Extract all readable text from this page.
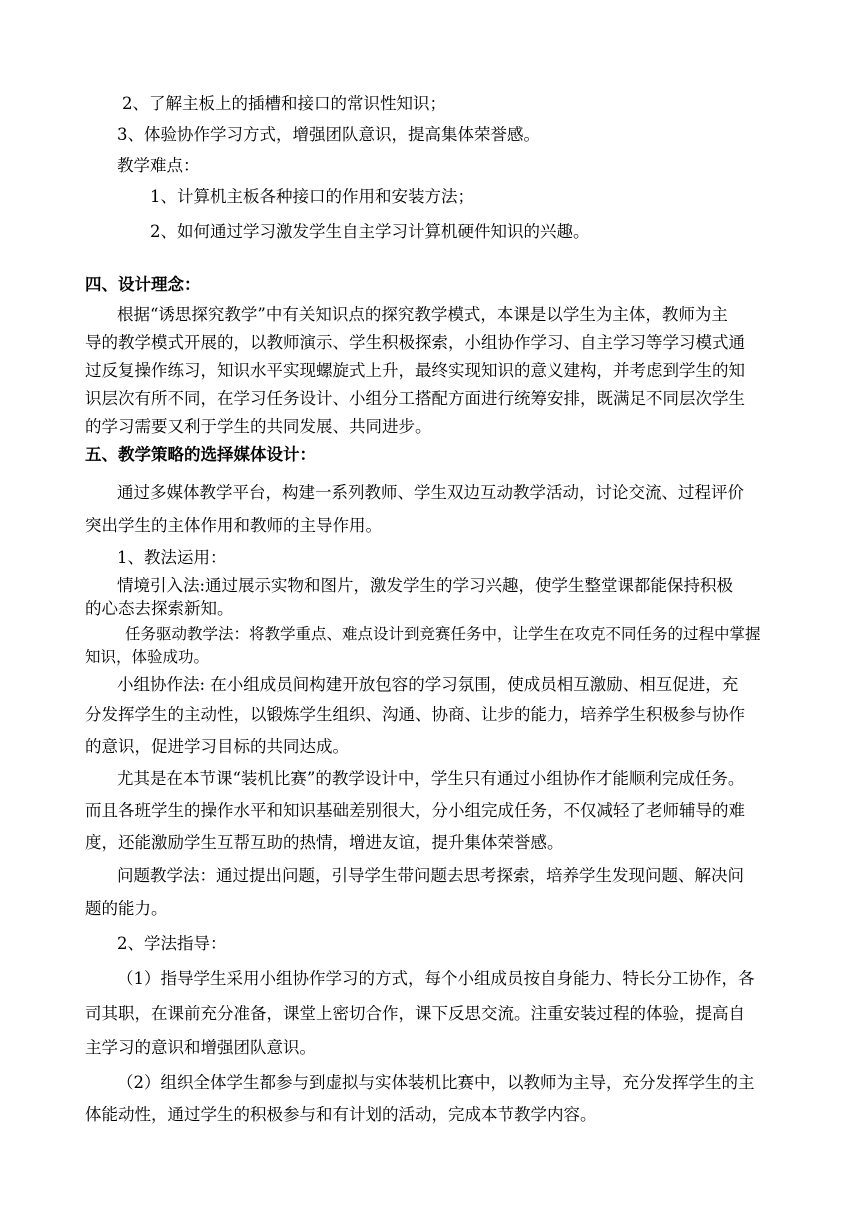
2、了解主板上的插槽和接口的常识性知识；
3、体验协作学习方式，增强团队意识，提高集体荣誉感。
教学难点：
1、计算机主板各种接口的作用和安装方法；
2、如何通过学习激发学生自主学习计算机硬件知识的兴趣。
四、设计理念：
根据“诱思探究教学”中有关知识点的探究教学模式，本课是以学生为主体，教师为主
导的教学模式开展的，以教师演示、学生积极探索，小组协作学习、自主学习等学习模式通
过反复操作练习，知识水平实现螺旋式上升，最终实现知识的意义建构，并考虑到学生的知
识层次有所不同，在学习任务设计、小组分工搭配方面进行统筹安排，既满足不同层次学生
的学习需要又利于学生的共同发展、共同进步。
五、教学策略的选择媒体设计：
通过多媒体教学平台，构建一系列教师、学生双边互动教学活动，讨论交流、过程评价
突出学生的主体作用和教师的主导作用。
1、教法运用：
情境引入法:通过展示实物和图片，激发学生的学习兴趣，使学生整堂课都能保持积极
的心态去探索新知。
任务驱动教学法：将教学重点、难点设计到竞赛任务中，让学生在攻克不同任务的过程中掌握
知识，体验成功。
小组协作法: 在小组成员间构建开放包容的学习氛围，使成员相互激励、相互促进，充
分发挥学生的主动性，以锻炼学生组织、沟通、协商、让步的能力，培养学生积极参与协作
的意识，促进学习目标的共同达成。
尤其是在本节课“装机比赛”的教学设计中，学生只有通过小组协作才能顺利完成任务。
而且各班学生的操作水平和知识基础差别很大，分小组完成任务，不仅减轻了老师辅导的难
度，还能激励学生互帮互助的热情，增进友谊，提升集体荣誉感。
问题教学法：通过提出问题，引导学生带问题去思考探索，培养学生发现问题、解决问
题的能力。
2、学法指导：
（1）指导学生采用小组协作学习的方式，每个小组成员按自身能力、特长分工协作，各
司其职，在课前充分准备，课堂上密切合作，课下反思交流。注重安装过程的体验，提高自
主学习的意识和增强团队意识。
（2）组织全体学生都参与到虚拟与实体装机比赛中，以教师为主导，充分发挥学生的主
体能动性，通过学生的积极参与和有计划的活动，完成本节教学内容。
